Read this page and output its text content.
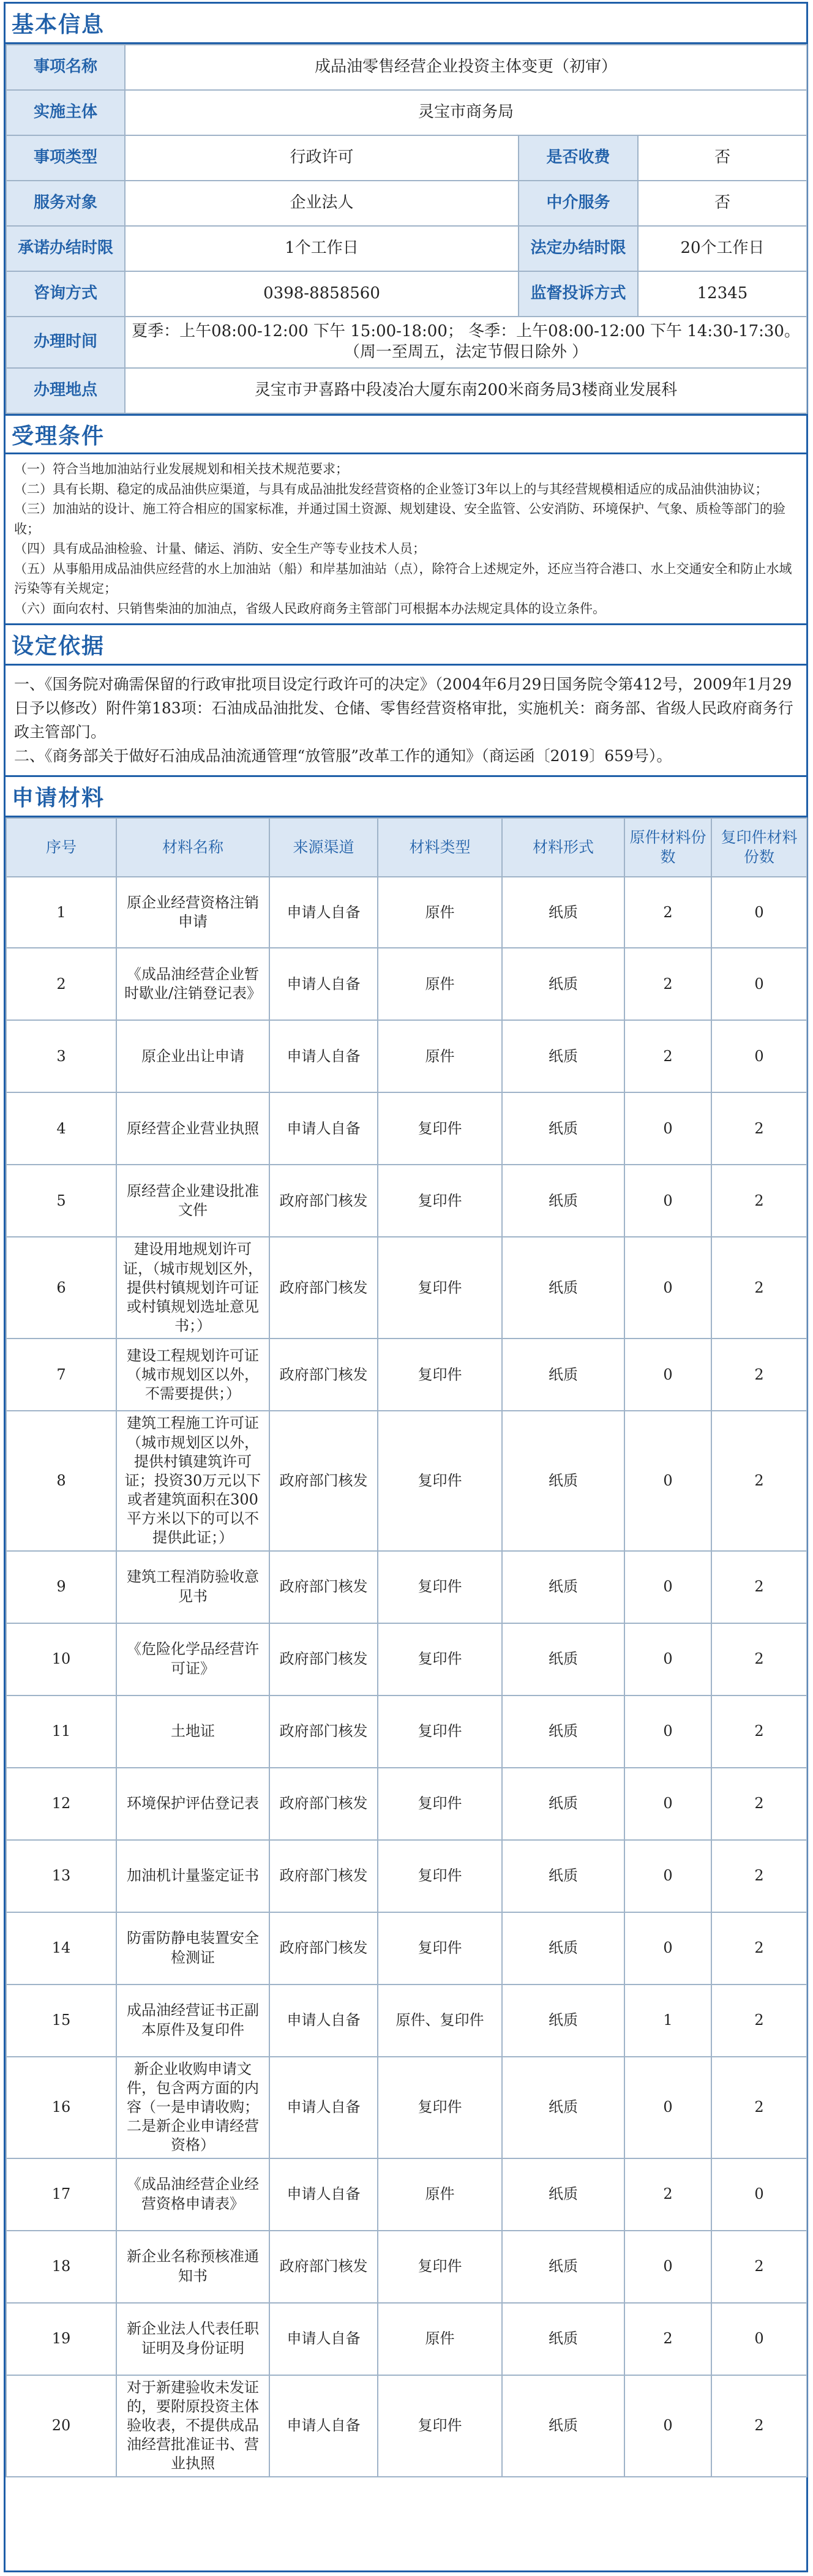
基本信息
事项名称	成品油零售经营企业投资主体变更（初审）		
实施主体	灵宝市商务局		
事项类型	行政许可	是否收费	否
服务对象	企业法人	中介服务	否
承诺办结时限	1个工作日	法定办结时限	20个工作日
咨询方式	0398-8858560	监督投诉方式	12345
办理时间	夏季：上午08:00-12:00 下午 15:00-18:00； 冬季：上午08:00-12:00 下午 14:30-17:30。
（周一至周五，法定节假日除外 ）		

办理地点	灵宝市尹喜路中段凌冶大厦东南200米商务局3楼商业发展科		
受理条件

（一）符合当地加油站行业发展规划和相关技术规范要求；

（二）具有长期、稳定的成品油供应渠道，与具有成品油批发经营资格的企业签订3年以上的与其经营规模相适应的成品油供油协议；

（三）加油站的设计、施工符合相应的国家标准，并通过国土资源、规划建设、安全监管、公安消防、环境保护、气象、质检等部门的验收；

（四）具有成品油检验、计量、储运、消防、安全生产等专业技术人员；

（五）从事船用成品油供应经营的水上加油站（船）和岸基加油站（点），除符合上述规定外，还应当符合港口、水上交通安全和防止水域污染等有关规定；

（六）面向农村、只销售柴油的加油点，省级人民政府商务主管部门可根据本办法规定具体的设立条件。

设定依据

一、《国务院对确需保留的行政审批项目设定行政许可的决定》（2004年6月29日国务院令第412号，2009年1月29日予以修改）附件第183项：石油成品油批发、仓储、零售经营资格审批，实施机关：商务部、省级人民政府商务行政主管部门。

二、《商务部关于做好石油成品油流通管理“放管服”改革工作的通知》（商运函〔2019〕659号）。

申请材料
序号	材料名称	来源渠道	材料类型	材料形式	原件材料份数	复印件材料份数
1	原企业经营资格注销申请	申请人自备	原件	纸质	2	0
2	《成品油经营企业暂时歇业/注销登记表》	申请人自备	原件	纸质	2	0
3	原企业出让申请	申请人自备	原件	纸质	2	0
4	原经营企业营业执照	申请人自备	复印件	纸质	0	2
5	原经营企业建设批准文件	政府部门核发	复印件	纸质	0	2
6	建设用地规划许可证，（城市规划区外，提供村镇规划许可证或村镇规划选址意见书；）	政府部门核发	复印件	纸质	0	2
7	建设工程规划许可证（城市规划区以外，不需要提供；）	政府部门核发	复印件	纸质	0	2
8	建筑工程施工许可证（城市规划区以外，提供村镇建筑许可证；投资30万元以下或者建筑面积在300平方米以下的可以不提供此证；）	政府部门核发	复印件	纸质	0	2
9	建筑工程消防验收意见书	政府部门核发	复印件	纸质	0	2
10	《危险化学品经营许可证》	政府部门核发	复印件	纸质	0	2
11	土地证	政府部门核发	复印件	纸质	0	2
12	环境保护评估登记表	政府部门核发	复印件	纸质	0	2
13	加油机计量鉴定证书	政府部门核发	复印件	纸质	0	2
14	防雷防静电装置安全检测证	政府部门核发	复印件	纸质	0	2
15	成品油经营证书正副本原件及复印件	申请人自备	原件、复印件	纸质	1	2
16	新企业收购申请文件，包含两方面的内容（一是申请收购；二是新企业申请经营资格）	申请人自备	复印件	纸质	0	2
17	《成品油经营企业经营资格申请表》	申请人自备	原件	纸质	2	0
18	新企业名称预核准通知书	政府部门核发	复印件	纸质	0	2
19	新企业法人代表任职证明及身份证明	申请人自备	原件	纸质	2	0
20	对于新建验收未发证的，要附原投资主体验收表，不提供成品油经营批准证书、营业执照	申请人自备	复印件	纸质	0	2
